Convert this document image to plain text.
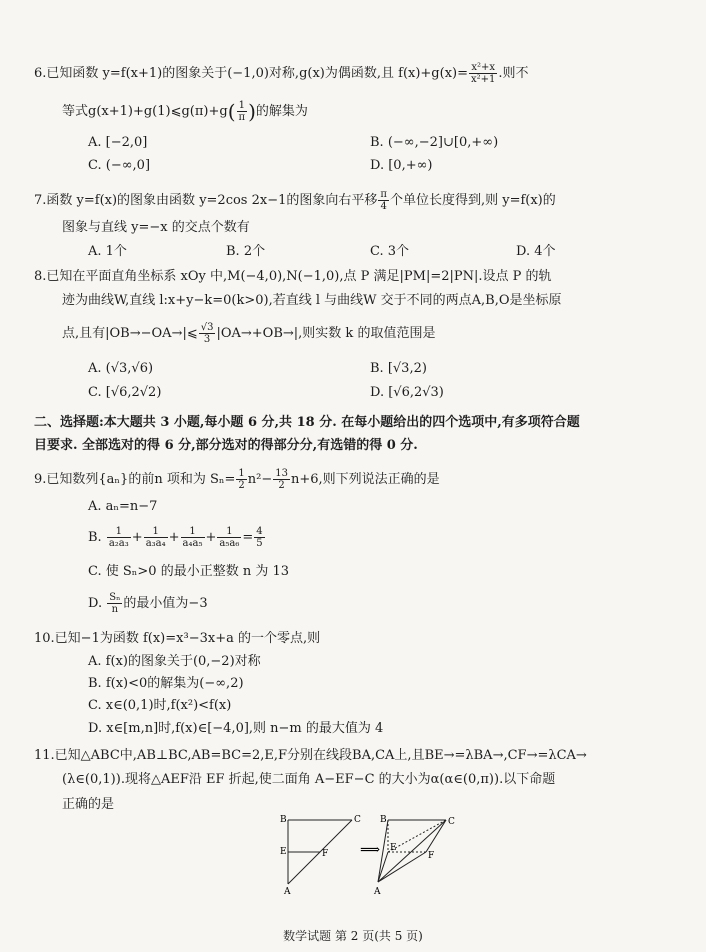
6.已知函数 y=f(x+1)的图象关于(−1,0)对称,g(x)为偶函数,且 $f(x)+g(x)= \frac{\text{x²+x}}{\text{x²+1}}$ .则不
等式g(x+1)+g(1)⩽g(π)+g( $\frac{1}{\pi}$ )的解集为
A. [−2,0]	B. (−∞,−2]∪[0,+∞)
C. (−∞,0]	D. [0,+∞)
7.函数 y=f(x)的图象由函数 y=2cos 2x−1的图象向右平移 $\frac{\pi}{4}$ 个单位长度得到,则 y=f(x)的
图象与直线 y=−x 的交点个数有
A. 1个	B. 2个	C. 3个	D. 4个
8.已知在平面直角坐标系 xOy 中,M(−4,0),N(−1,0),点 P 满足|PM|=2|PN|.设点 P 的轨
迹为曲线W,直线 l:x+y−k=0(k>0),若直线 l 与曲线W 交于不同的两点A,B,O是坐标原
点,且有|OB→−OA→|⩽ $\frac{√3}{3} |OA\to+OB\to|$,则实数 k 的取值范围是
A. (√3,√6)	B. [√3,2)
C. [√6,2√2)	D. [√6,2√3)
二、选择题:本大题共 3 小题,每小题 6 分,共 18 分. 在每小题给出的四个选项中,有多项符合题
目要求. 全部选对的得 6 分,部分选对的得部分分,有选错的得 0 分.
9.已知数列{aₙ}的前n 项和为 $S_n= \frac{1}{2} n^2- \frac{13}{2} n+6$,则下列说法正确的是
A. aₙ=n−7
B. $\frac{1}{\text{a₂a₃}} + \frac{1}{\text{a₃a₄}} + \frac{1}{\text{a₄a₅}} + \frac{1}{\text{a₅a₆}} = \frac{4}{5}$
C. 使 Sₙ>0 的最小正整数 n 为 13
D. $\frac{\text{Sₙ}}{n}$ 的最小值为−3
10.已知−1为函数 f(x)=x³−3x+a 的一个零点,则
A. f(x)的图象关于(0,−2)对称
B. f(x)<0的解集为(−∞,2)
C. x∈(0,1)时,f(x²)<f(x)
D. x∈[m,n]时,f(x)∈[−4,0],则 n−m 的最大值为 4
11.已知△ABC中,AB⊥BC,AB=BC=2,E,F分别在线段BA,CA上,且BE→=λBA→,CF→=λCA→
(λ∈(0,1)).现将△AEF沿 EF 折起,使二面角 A−EF−C 的大小为α(α∈(0,π)).以下命题
正确的是
B	C
E	F
A
⟹
B	C
E
F
A
数学试题 第 2 页(共 5 页)
